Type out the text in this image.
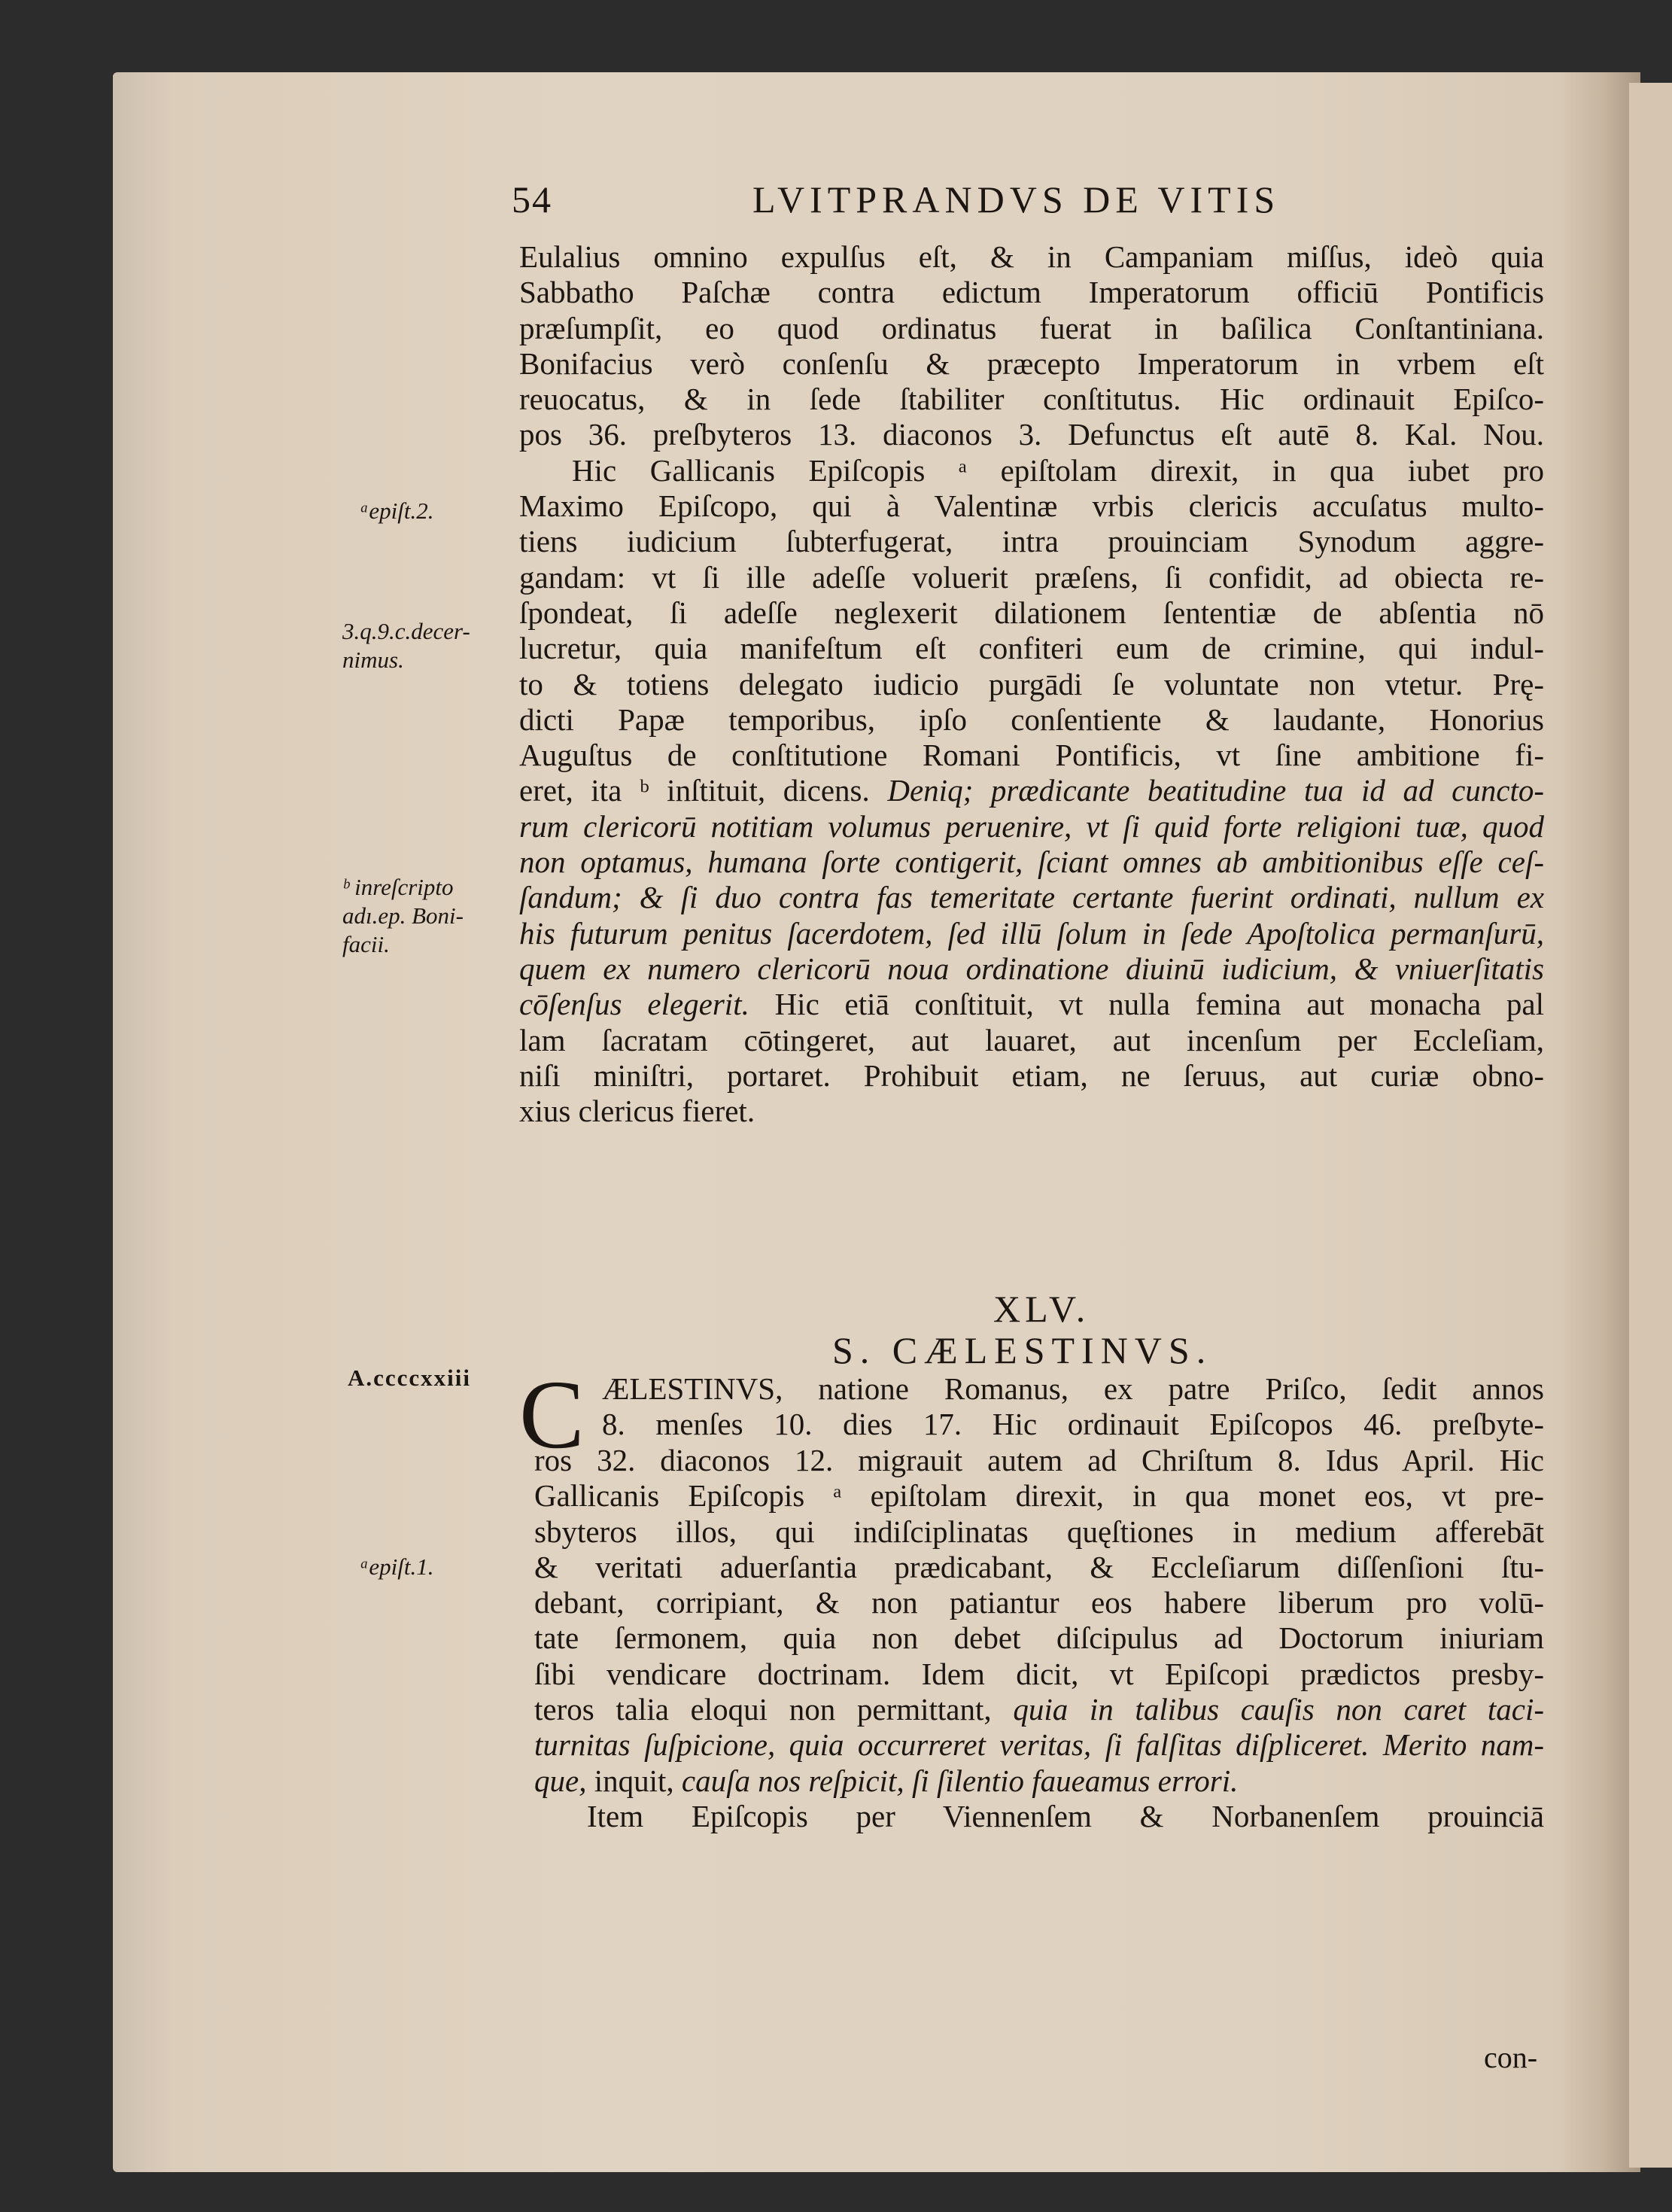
54	LVITPRANDVS DE VITIS
ᵃepiſt.2.
3.q.9.c.decer-
nimus.
ᵇ inreſcripto
adı.ep. Boni-
facii.
A.ccccxxiii
ᵃepiſt.1.

Eulalius omnino expulſus eſt, & in Campaniam miſſus, ideò quia

Sabbatho Paſchæ contra edictum Imperatorum officiū Pontificis

præſumpſit, eo quod ordinatus fuerat in baſilica Conſtantiniana.

Bonifacius verò conſenſu & præcepto Imperatorum in vrbem eſt

reuocatus, & in ſede ſtabiliter conſtitutus. Hic ordinauit Epiſco-

pos 36. preſbyteros 13. diaconos 3. Defunctus eſt autē 8. Kal. Nou.

Hic Gallicanis Epiſcopis ᵃ epiſtolam direxit, in qua iubet pro

Maximo Epiſcopo, qui à Valentinæ vrbis clericis accuſatus multo-

tiens iudicium ſubterfugerat, intra prouinciam Synodum aggre-

gandam: vt ſi ille adeſſe voluerit præſens, ſi confidit, ad obiecta re-

ſpondeat, ſi adeſſe neglexerit dilationem ſententiæ de abſentia nō

lucretur, quia manifeſtum eſt confiteri eum de crimine, qui indul-

to & totiens delegato iudicio purgādi ſe voluntate non vtetur. Prę-

dicti Papæ temporibus, ipſo conſentiente & laudante, Honorius

Auguſtus de conſtitutione Romani Pontificis, vt ſine ambitione fi-

eret, ita ᵇ inſtituit, dicens. Deniq; prædicante beatitudine tua id ad cuncto-

rum clericorū notitiam volumus peruenire, vt ſi quid forte religioni tuæ, quod

non optamus, humana ſorte contigerit, ſciant omnes ab ambitionibus eſſe ceſ-

ſandum; & ſi duo contra fas temeritate certante fuerint ordinati, nullum ex

his futurum penitus ſacerdotem, ſed illū ſolum in ſede Apoſtolica permanſurū,

quem ex numero clericorū noua ordinatione diuinū iudicium, & vniuerſitatis

cōſenſus elegerit. Hic etiā conſtituit, vt nulla femina aut monacha pal

lam ſacratam cōtingeret, aut lauaret, aut incenſum per Eccleſiam,

niſi miniſtri, portaret. Prohibuit etiam, ne ſeruus, aut curiæ obno-

xius clericus fieret.

XLV.
S. CÆLESTINVS.
C ÆLESTINVS, natione Romanus, ex patre Priſco, ſedit annos

8. menſes 10. dies 17. Hic ordinauit Epiſcopos 46. preſbyte-

ros 32. diaconos 12. migrauit autem ad Chriſtum 8. Idus April. Hic

Gallicanis Epiſcopis ᵃ epiſtolam direxit, in qua monet eos, vt pre-

sbyteros illos, qui indiſciplinatas quęſtiones in medium afferebāt

& veritati aduerſantia prædicabant, & Eccleſiarum diſſenſioni ſtu-

debant, corripiant, & non patiantur eos habere liberum pro volū-

tate ſermonem, quia non debet diſcipulus ad Doctorum iniuriam

ſibi vendicare doctrinam. Idem dicit, vt Epiſcopi prædictos presby-

teros talia eloqui non permittant, quia in talibus cauſis non caret taci-

turnitas ſuſpicione, quia occurreret veritas, ſi falſitas diſpliceret. Merito nam-

que, inquit, cauſa nos reſpicit, ſi ſilentio faueamus errori.

Item Epiſcopis per Viennenſem & Norbanenſem prouinciā

con-
